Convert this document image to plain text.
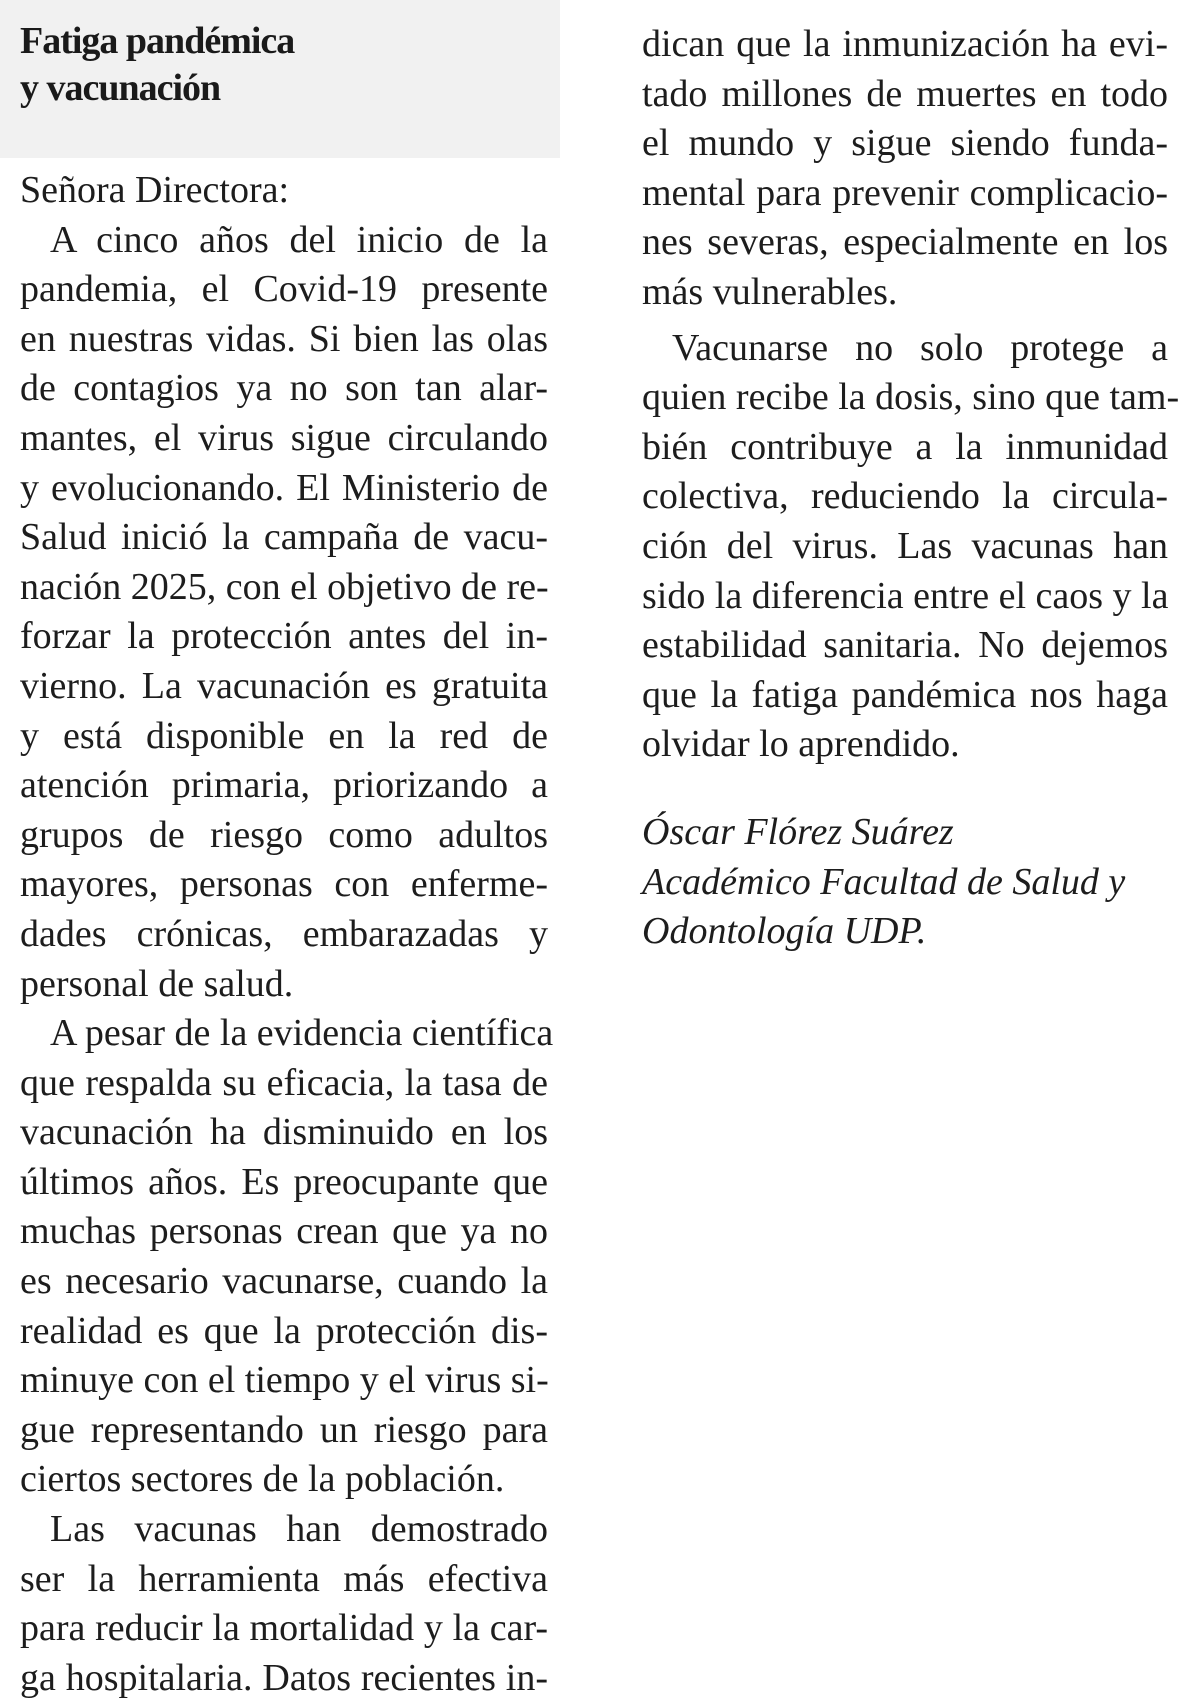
Fatiga pandémica
y vacunación
Señora Directora:
A cinco años del inicio de la
pandemia, el Covid-19 presente
en nuestras vidas. Si bien las olas
de contagios ya no son tan alar-
mantes, el virus sigue circulando
y evolucionando. El Ministerio de
Salud inició la campaña de vacu-
nación 2025, con el objetivo de re-
forzar la protección antes del in-
vierno. La vacunación es gratuita
y está disponible en la red de
atención primaria, priorizando a
grupos de riesgo como adultos
mayores, personas con enferme-
dades crónicas, embarazadas y
personal de salud.
A pesar de la evidencia científica
que respalda su eficacia, la tasa de
vacunación ha disminuido en los
últimos años. Es preocupante que
muchas personas crean que ya no
es necesario vacunarse, cuando la
realidad es que la protección dis-
minuye con el tiempo y el virus si-
gue representando un riesgo para
ciertos sectores de la población.
Las vacunas han demostrado
ser la herramienta más efectiva
para reducir la mortalidad y la car-
ga hospitalaria. Datos recientes in-
dican que la inmunización ha evi-
tado millones de muertes en todo
el mundo y sigue siendo funda-
mental para prevenir complicacio-
nes severas, especialmente en los
más vulnerables.
Vacunarse no solo protege a
quien recibe la dosis, sino que tam-
bién contribuye a la inmunidad
colectiva, reduciendo la circula-
ción del virus. Las vacunas han
sido la diferencia entre el caos y la
estabilidad sanitaria. No dejemos
que la fatiga pandémica nos haga
olvidar lo aprendido.
Óscar Flórez Suárez
Académico Facultad de Salud y
Odontología UDP.
